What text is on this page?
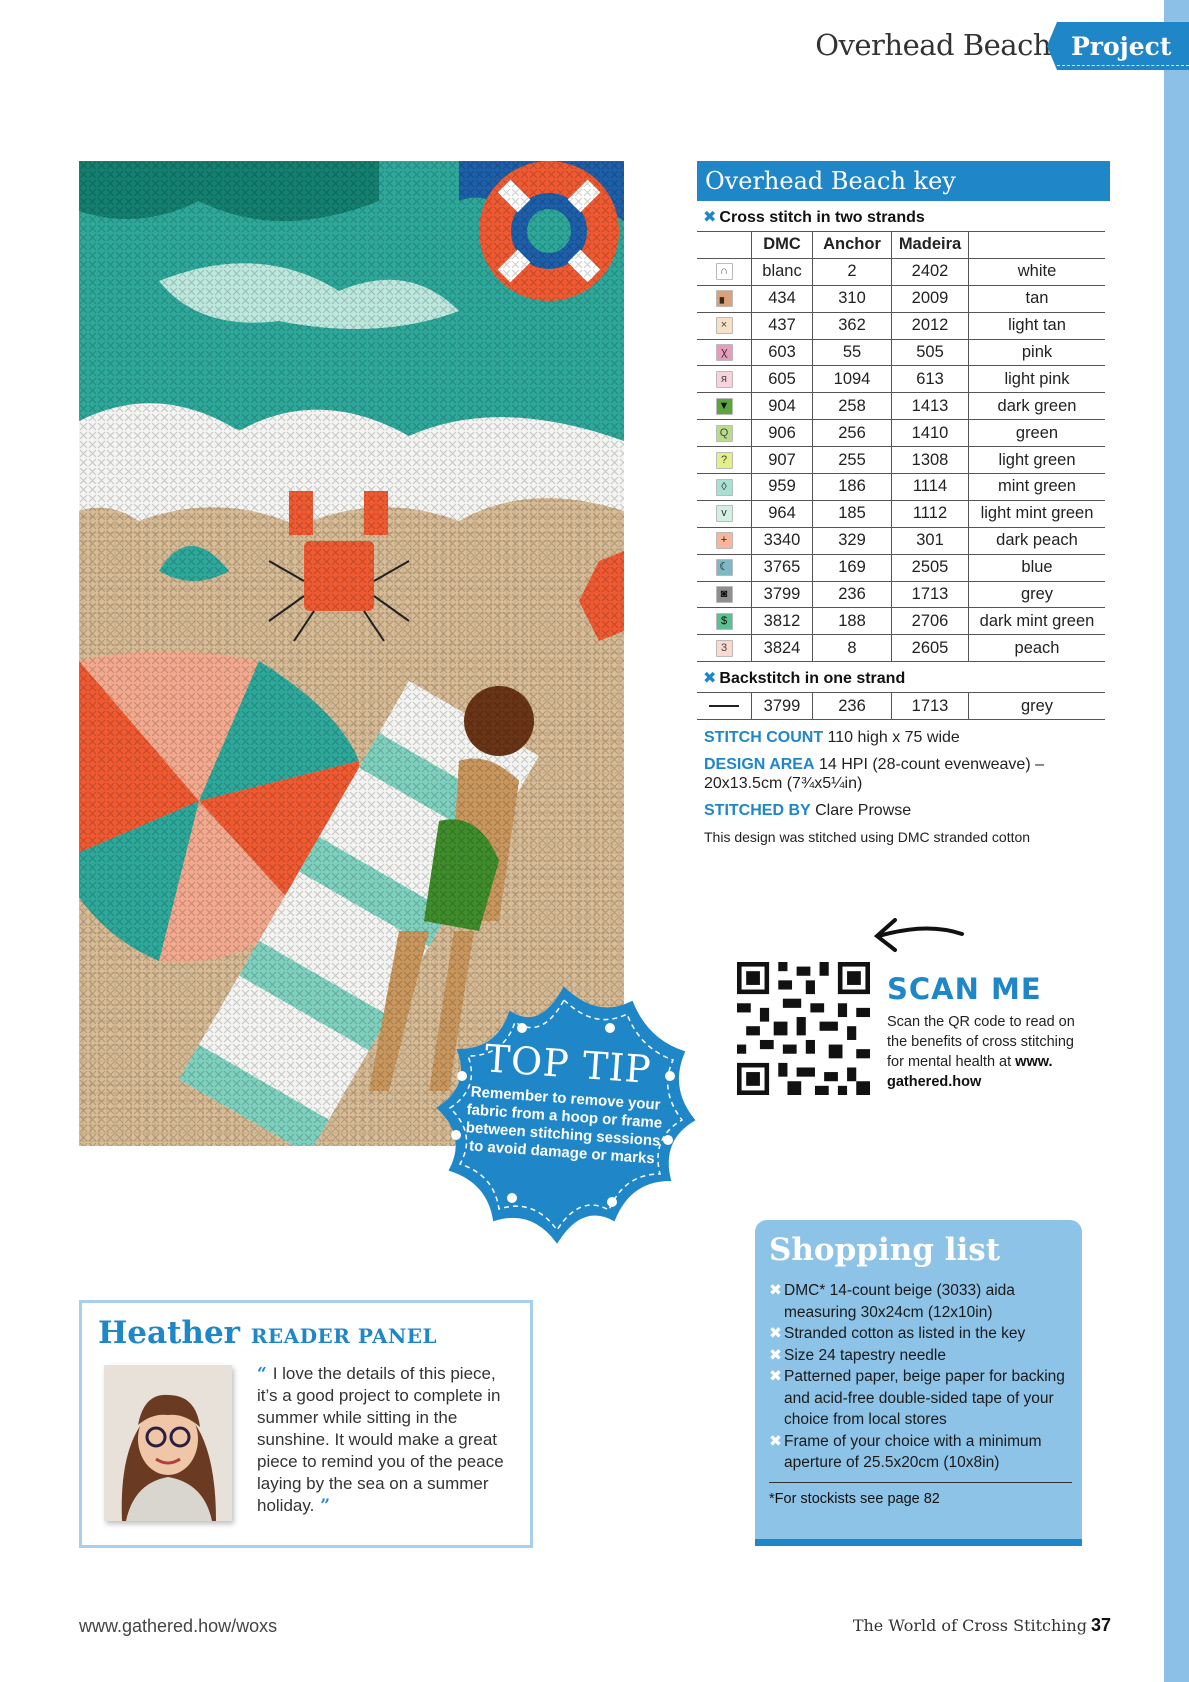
Overhead Beach Project
Overhead Beach key
✖ Cross stitch in two strands
	DMC	Anchor	Madeira	
∩	blanc	2	2402	white
▖	434	310	2009	tan
×	437	362	2012	light tan
ꭓ	603	55	505	pink
я	605	1094	613	light pink
▼	904	258	1413	dark green
Q	906	256	1410	green
?	907	255	1308	light green
◊	959	186	1114	mint green
v	964	185	1112	light mint green
+	3340	329	301	dark peach
☾	3765	169	2505	blue
◙	3799	236	1713	grey
$	3812	188	2706	dark mint green
3	3824	8	2605	peach
✖ Backstitch in one strand
	3799	236	1713	grey

STITCH COUNT 110 high x 75 wide

DESIGN AREA 14 HPI (28-count evenweave) – 20x13.5cm (7¾x5¼in)

STITCHED BY Clare Prowse

This design was stitched using DMC stranded cotton

SCAN ME
Scan the QR code to read on the benefits of cross stitching for mental health at www. gathered.how
TOP TIP
Remember to remove your fabric from a hoop or frame between stitching sessions to avoid damage or marks
Heather READER PANEL
“ I love the details of this piece, it’s a good project to complete in summer while sitting in the sunshine. It would make a great piece to remind you of the peace laying by the sea on a summer holiday. ”
Shopping list
✖ DMC* 14-count beige (3033) aida measuring 30x24cm (12x10in)
✖ Stranded cotton as listed in the key
✖ Size 24 tapestry needle
✖ Patterned paper, beige paper for backing and acid-free double-sided tape of your choice from local stores
✖ Frame of your choice with a minimum aperture of 25.5x20cm (10x8in)
*For stockists see page 82
www.gathered.how/woxs	The World of Cross Stitching 37
